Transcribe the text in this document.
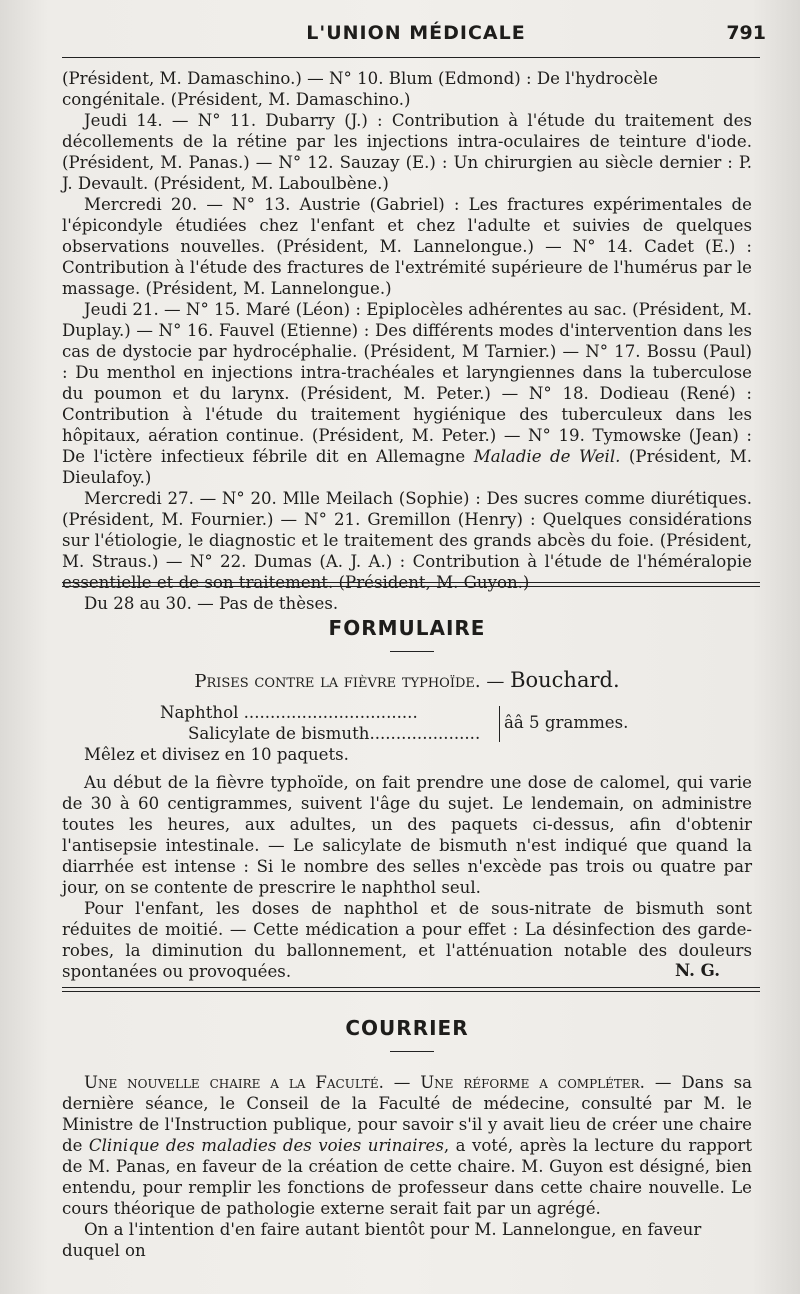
L'UNION MÉDICALE	791

(Président, M. Damaschino.) — N° 10. Blum (Edmond) : De l'hydrocèle congénitale. (Président, M. Damaschino.)

Jeudi 14. — N° 11. Dubarry (J.) : Contribution à l'étude du traitement des décollements de la rétine par les injections intra-oculaires de teinture d'iode. (Président, M. Panas.) — N° 12. Sauzay (E.) : Un chirurgien au siècle dernier : P. J. Devault. (Président, M. Laboulbène.)

Mercredi 20. — N° 13. Austrie (Gabriel) : Les fractures expérimentales de l'épicondyle étudiées chez l'enfant et chez l'adulte et suivies de quelques observations nouvelles. (Président, M. Lannelongue.) — N° 14. Cadet (E.) : Contribution à l'étude des fractures de l'extrémité supérieure de l'humérus par le massage. (Président, M. Lannelongue.)

Jeudi 21. — N° 15. Maré (Léon) : Epiplocèles adhérentes au sac. (Président, M. Duplay.) — N° 16. Fauvel (Etienne) : Des différents modes d'intervention dans les cas de dystocie par hydrocéphalie. (Président, M Tarnier.) — N° 17. Bossu (Paul) : Du menthol en injections intra-trachéales et laryngiennes dans la tuberculose du poumon et du larynx. (Président, M. Peter.) — N° 18. Dodieau (René) : Contribution à l'étude du traitement hygiénique des tuberculeux dans les hôpitaux, aération continue. (Président, M. Peter.) — N° 19. Tymowske (Jean) : De l'ictère infectieux fébrile dit en Allemagne Maladie de Weil. (Président, M. Dieulafoy.)

Mercredi 27. — N° 20. Mlle Meilach (Sophie) : Des sucres comme diurétiques. (Président, M. Fournier.) — N° 21. Gremillon (Henry) : Quelques considérations sur l'étiologie, le diagnostic et le traitement des grands abcès du foie. (Président, M. Straus.) — N° 22. Dumas (A. J. A.) : Contribution à l'étude de l'héméralopie essentielle et de son traitement. (Président, M. Guyon.)

Du 28 au 30. — Pas de thèses.

FORMULAIRE
Prises contre la fièvre typhoïde. — Bouchard.
Naphthol .................................
Salicylate de bismuth.....................
ââ 5 grammes.
Mêlez et divisez en 10 paquets.

Au début de la fièvre typhoïde, on fait prendre une dose de calomel, qui varie de 30 à 60 centigrammes, suivent l'âge du sujet. Le lendemain, on administre toutes les heures, aux adultes, un des paquets ci-dessus, afin d'obtenir l'antisepsie intestinale. — Le salicylate de bismuth n'est indiqué que quand la diarrhée est intense : Si le nombre des selles n'excède pas trois ou quatre par jour, on se contente de prescrire le naphthol seul.

Pour l'enfant, les doses de naphthol et de sous-nitrate de bismuth sont réduites de moitié. — Cette médication a pour effet : La désinfection des garde-robes, la diminution du ballonnement, et l'atténuation notable des douleurs spontanées ou provoquées.	N. G.
COURRIER

Une nouvelle chaire a la Faculté. — Une réforme a compléter. — Dans sa dernière séance, le Conseil de la Faculté de médecine, consulté par M. le Ministre de l'Instruction publique, pour savoir s'il y avait lieu de créer une chaire de Clinique des maladies des voies urinaires, a voté, après la lecture du rapport de M. Panas, en faveur de la création de cette chaire. M. Guyon est désigné, bien entendu, pour remplir les fonctions de professeur dans cette chaire nouvelle. Le cours théorique de pathologie externe serait fait par un agrégé.

On a l'intention d'en faire autant bientôt pour M. Lannelongue, en faveur duquel on
